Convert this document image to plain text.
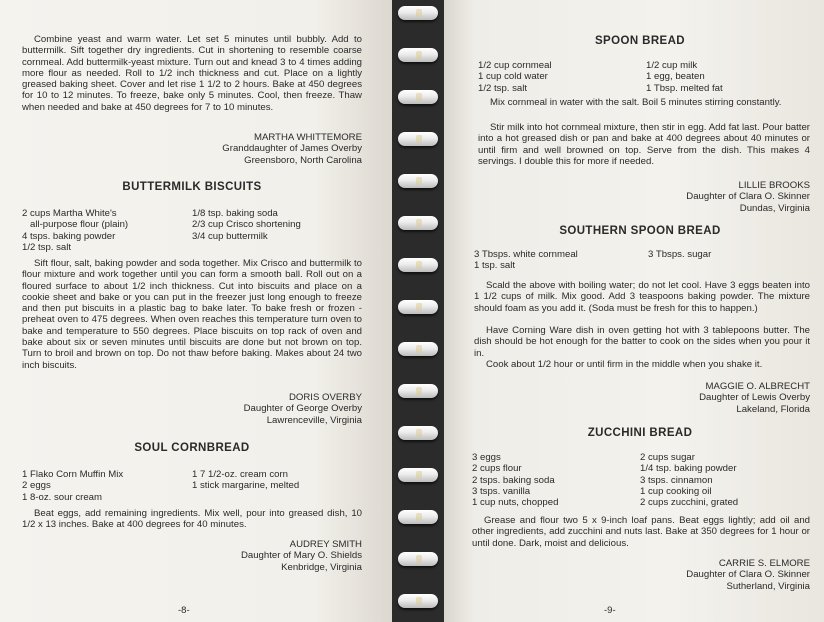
Combine yeast and warm water. Let set 5 minutes until bubbly. Add to buttermilk. Sift together dry ingredients. Cut in shortening to resemble coarse cornmeal. Add buttermilk-yeast mixture. Turn out and knead 3 to 4 times adding more flour as needed. Roll to 1/2 inch thickness and cut. Place on a lightly greased baking sheet. Cover and let rise 1 1/2 to 2 hours. Bake at 450 degrees for 10 to 12 minutes. To freeze, bake only 5 minutes. Cool, then freeze. Thaw when needed and bake at 450 degrees for 7 to 10 minutes.

MARTHA WHITTEMORE
Granddaughter of James Overby
Greensboro, North Carolina
BUTTERMILK BISCUITS
2 cups Martha White's
all-purpose flour (plain)
4 tsps. baking powder
1/2 tsp. salt
1/8 tsp. baking soda
2/3 cup Crisco shortening
3/4 cup buttermilk

Sift flour, salt, baking powder and soda together. Mix Crisco and buttermilk to flour mixture and work together until you can form a smooth ball. Roll out on a floured surface to about 1/2 inch thickness. Cut into biscuits and place on a cookie sheet and bake or you can put in the freezer just long enough to freeze and then put biscuits in a plastic bag to bake later. To bake fresh or frozen - preheat oven to 475 degrees. When oven reaches this temperature turn oven to bake and temperature to 550 degrees. Place biscuits on top rack of oven and bake about six or seven minutes until biscuits are done but not brown on top. Turn to broil and brown on top. Do not thaw before baking. Makes about 24 two inch biscuits.

DORIS OVERBY
Daughter of George Overby
Lawrenceville, Virginia
SOUL CORNBREAD
1 Flako Corn Muffin Mix
2 eggs
1 8-oz. sour cream
1 7 1/2-oz. cream corn
1 stick margarine, melted

Beat eggs, add remaining ingredients. Mix well, pour into greased dish, 10 1/2 x 13 inches. Bake at 400 degrees for 40 minutes.

AUDREY SMITH
Daughter of Mary O. Shields
Kenbridge, Virginia
-8-
SPOON BREAD
1/2 cup cornmeal
1 cup cold water
1/2 tsp. salt
1/2 cup milk
1 egg, beaten
1 Tbsp. melted fat

Mix cornmeal in water with the salt. Boil 5 minutes stirring constantly.

Stir milk into hot cornmeal mixture, then stir in egg. Add fat last. Pour batter into a hot greased dish or pan and bake at 400 degrees about 40 minutes or until firm and well browned on top. Serve from the dish. This makes 4 servings. I double this for more if needed.

LILLIE BROOKS
Daughter of Clara O. Skinner
Dundas, Virginia
SOUTHERN SPOON BREAD
3 Tbsps. white cornmeal
1 tsp. salt
3 Tbsps. sugar

Scald the above with boiling water; do not let cool. Have 3 eggs beaten into 1 1/2 cups of milk. Mix good. Add 3 teaspoons baking powder. The mixture should foam as you add it. (Soda must be fresh for this to happen.)

Have Corning Ware dish in oven getting hot with 3 tablepoons butter. The dish should be hot enough for the batter to cook on the sides when you pour it in.

Cook about 1/2 hour or until firm in the middle when you shake it.

MAGGIE O. ALBRECHT
Daughter of Lewis Overby
Lakeland, Florida
ZUCCHINI BREAD
3 eggs
2 cups flour
2 tsps. baking soda
3 tsps. vanilla
1 cup nuts, chopped
2 cups sugar
1/4 tsp. baking powder
3 tsps. cinnamon
1 cup cooking oil
2 cups zucchini, grated

Grease and flour two 5 x 9-inch loaf pans. Beat eggs lightly; add oil and other ingredients, add zucchini and nuts last. Bake at 350 degrees for 1 hour or until done. Dark, moist and delicious.

CARRIE S. ELMORE
Daughter of Clara O. Skinner
Sutherland, Virginia
-9-
